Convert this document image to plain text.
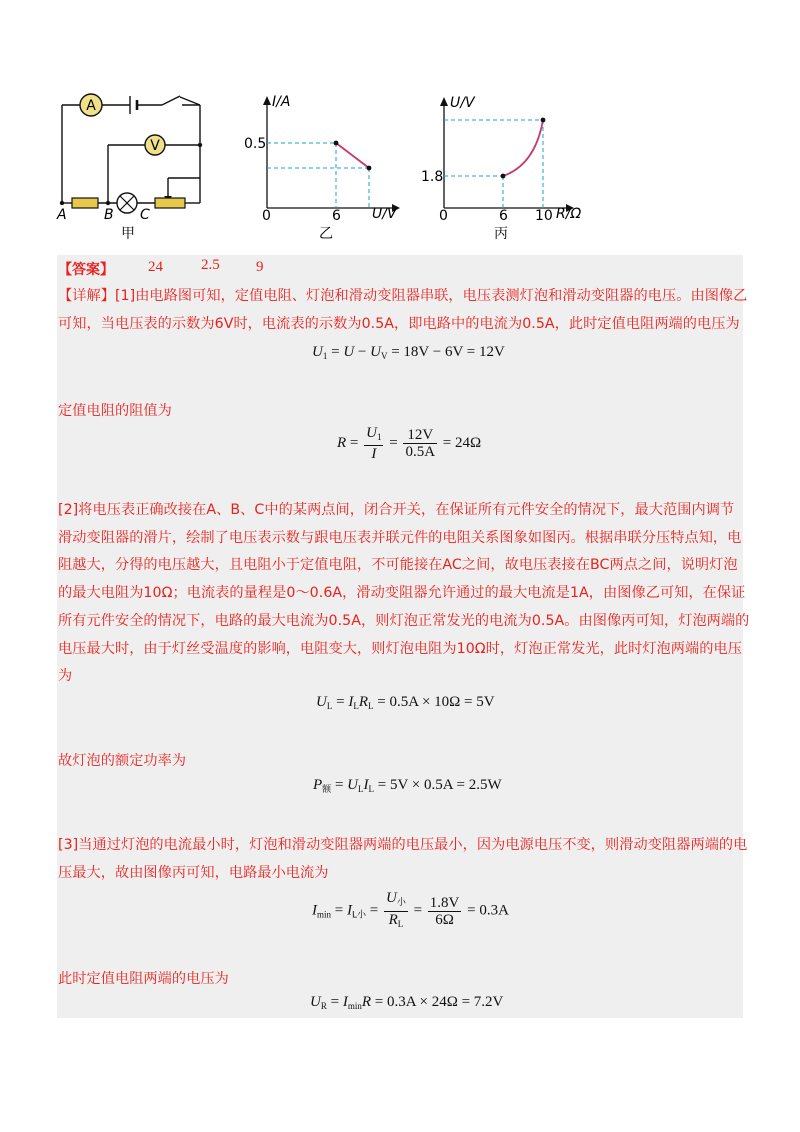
A
V
A	B C
甲
I/A
U/V
0.5
6
0
乙
U/V
R/Ω
1.8
6 10
0
丙
【答案】 24	2.5 9
【详解】[1]由电路图可知，定值电阻、灯泡和滑动变阻器串联，电压表测灯泡和滑动变阻器的电压。由图像乙
可知，当电压表的示数为6V时，电流表的示数为0.5A，即电路中的电流为0.5A，此时定值电阻两端的电压为
$U_1 = U - U_V = 18V - 6V = 12V$
定值电阻的阻值为
$R = \frac{U_1}{I} = \frac{12V}{0.5A} = 24\Omega$
[2]将电压表正确改接在A、B、C中的某两点间，闭合开关，在保证所有元件安全的情况下，最大范围内调节
滑动变阻器的滑片，绘制了电压表示数与跟电压表并联元件的电阻关系图象如图丙。根据串联分压特点知，电
阻越大，分得的电压越大，且电阻小于定值电阻，不可能接在AC之间，故电压表接在BC两点之间，说明灯泡
的最大电阻为10Ω；电流表的量程是0～0.6A，滑动变阻器允许通过的最大电流是1A，由图像乙可知，在保证
所有元件安全的情况下，电路的最大电流为0.5A，则灯泡正常发光的电流为0.5A。由图像丙可知，灯泡两端的
电压最大时，由于灯丝受温度的影响，电阻变大，则灯泡电阻为10Ω时，灯泡正常发光，此时灯泡两端的电压
为
$U_L = I_LR_L = 0.5A \times 10\Omega = 5V$
故灯泡的额定功率为
$P_额 = U_LI_L = 5V \times 0.5A = 2.5W$
[3]当通过灯泡的电流最小时，灯泡和滑动变阻器两端的电压最小，因为电源电压不变，则滑动变阻器两端的电
压最大，故由图像丙可知，电路最小电流为
$I_{min} = I_{L小} = \frac{U_小}{R_L} = \frac{1.8V}{6\Omega} = 0.3A$
此时定值电阻两端的电压为
$U_R = I_{min}R = 0.3A \times 24\Omega = 7.2V$
